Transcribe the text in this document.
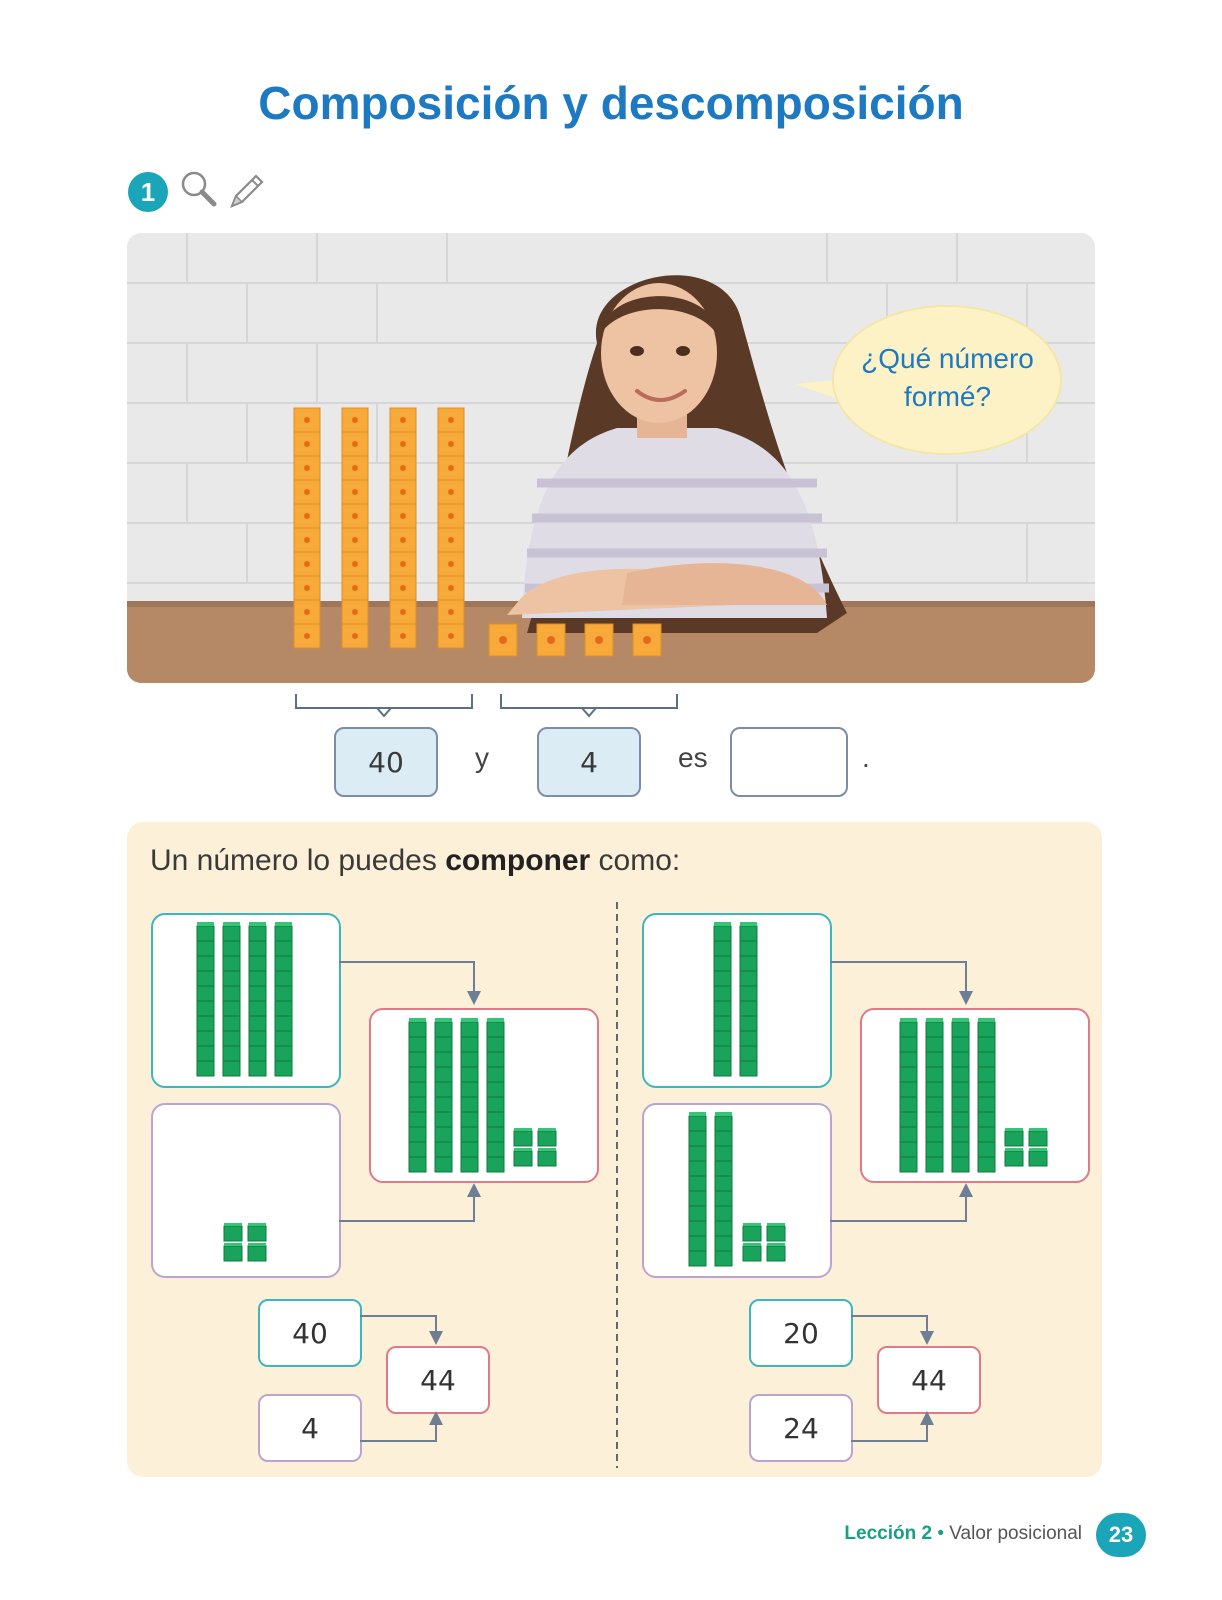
Composición y descomposición
1
¿Qué número formé?
40	y	4	es	.
Un número lo puedes componer como:
40
4
44
20
24
44
Lección 2 • Valor posicional	23
